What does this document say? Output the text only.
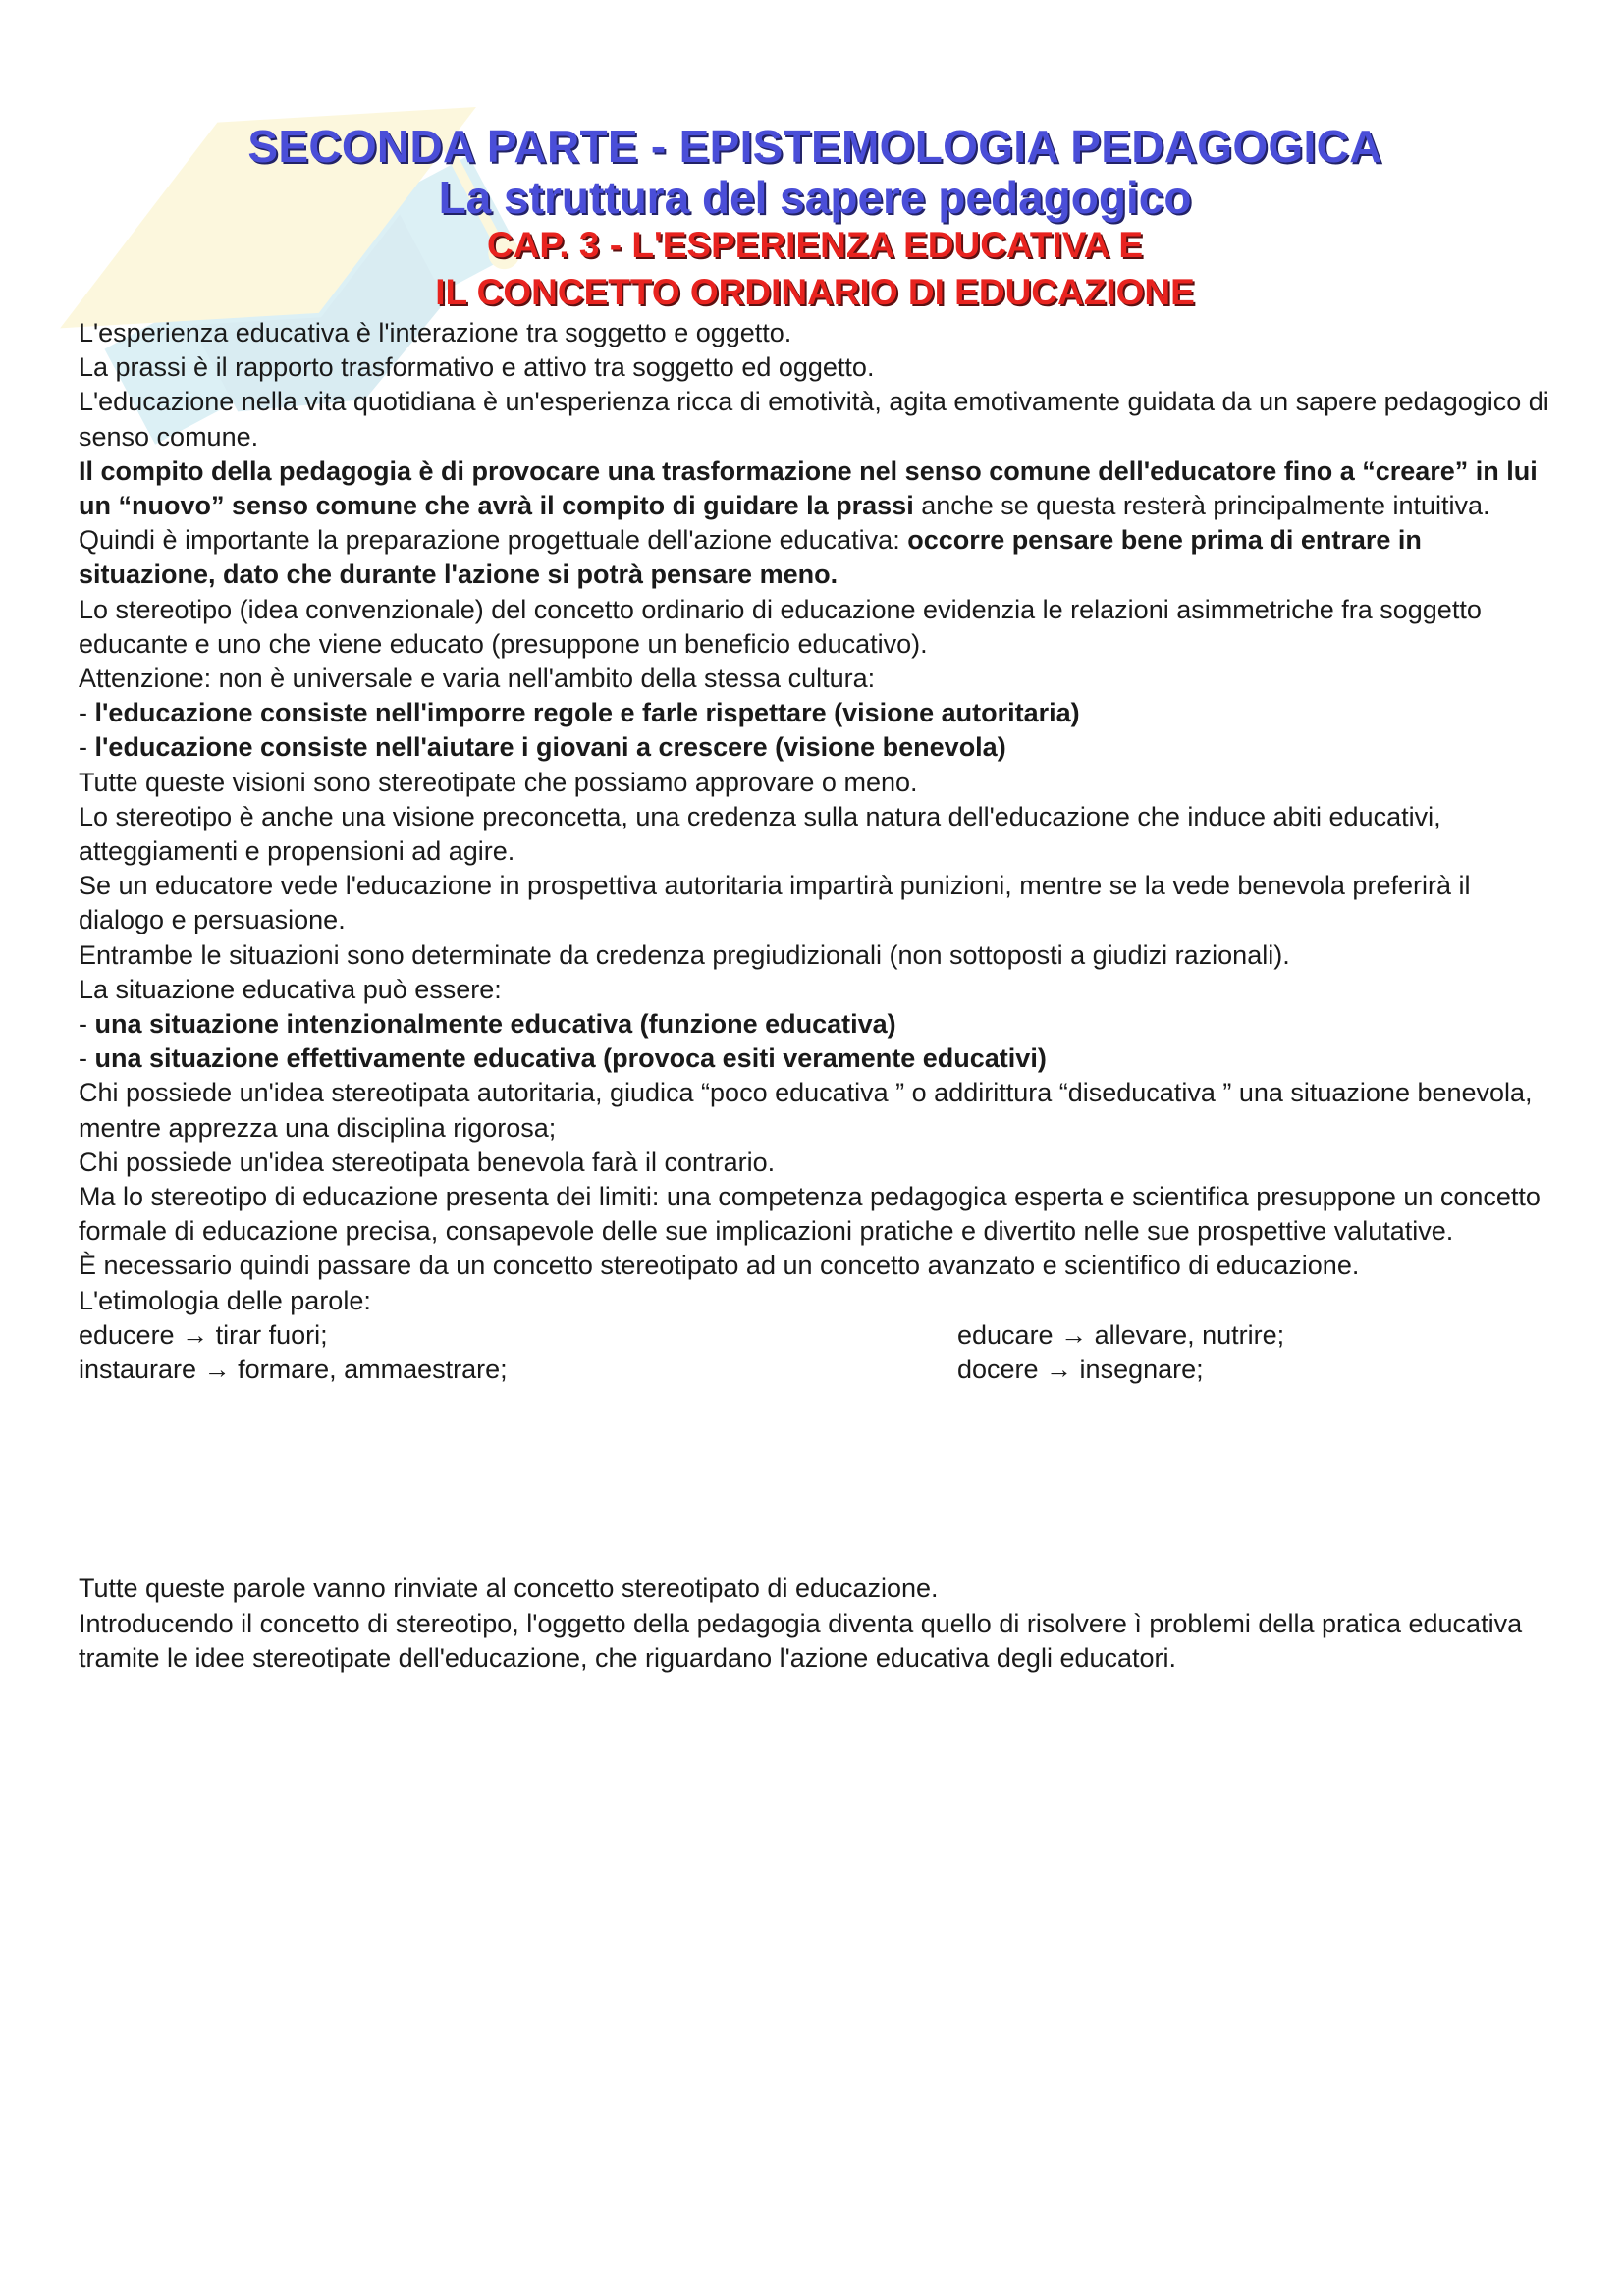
SECONDA PARTE - EPISTEMOLOGIA PEDAGOGICA
La struttura del sapere pedagogico
CAP. 3 - L'ESPERIENZA EDUCATIVA E
IL CONCETTO ORDINARIO DI EDUCAZIONE

L'esperienza educativa è l'interazione tra soggetto e oggetto.

La prassi è il rapporto trasformativo e attivo tra soggetto ed oggetto.

L'educazione nella vita quotidiana è un'esperienza ricca di emotività, agita emotivamente guidata da un sapere pedagogico di senso comune.

Il compito della pedagogia è di provocare una trasformazione nel senso comune dell'educatore fino a “creare” in lui un “nuovo” senso comune che avrà il compito di guidare la prassi anche se questa resterà principalmente intuitiva.

Quindi è importante la preparazione progettuale dell'azione educativa: occorre pensare bene prima di entrare in situazione, dato che durante l'azione si potrà pensare meno.

Lo stereotipo (idea convenzionale) del concetto ordinario di educazione evidenzia le relazioni asimmetriche fra soggetto educante e uno che viene educato (presuppone un beneficio educativo).

Attenzione: non è universale e varia nell'ambito della stessa cultura:

- l'educazione consiste nell'imporre regole e farle rispettare (visione autoritaria)

- l'educazione consiste nell'aiutare i giovani a crescere (visione benevola)

Tutte queste visioni sono stereotipate che possiamo approvare o meno.

Lo stereotipo è anche una visione preconcetta, una credenza sulla natura dell'educazione che induce abiti educativi, atteggiamenti e propensioni ad agire.

Se un educatore vede l'educazione in prospettiva autoritaria impartirà punizioni, mentre se la vede benevola preferirà il dialogo e persuasione.

Entrambe le situazioni sono determinate da credenza pregiudizionali (non sottoposti a giudizi razionali).

La situazione educativa può essere:

- una situazione intenzionalmente educativa (funzione educativa)

- una situazione effettivamente educativa (provoca esiti veramente educativi)

Chi possiede un'idea stereotipata autoritaria, giudica “poco educativa ” o addirittura “diseducativa ” una situazione benevola, mentre apprezza una disciplina rigorosa;

Chi possiede un'idea stereotipata benevola farà il contrario.

Ma lo stereotipo di educazione presenta dei limiti: una competenza pedagogica esperta e scientifica presuppone un concetto formale di educazione precisa, consapevole delle sue implicazioni pratiche e divertito nelle sue prospettive valutative.

È necessario quindi passare da un concetto stereotipato ad un concetto avanzato e scientifico di educazione.

L'etimologia delle parole:

educere → tirar fuori;	educare → allevare, nutrire;
instaurare → formare, ammaestrare;	docere → insegnare;

Tutte queste parole vanno rinviate al concetto stereotipato di educazione.

Introducendo il concetto di stereotipo, l'oggetto della pedagogia diventa quello di risolvere ì problemi della pratica educativa tramite le idee stereotipate dell'educazione, che riguardano l'azione educativa degli educatori.
